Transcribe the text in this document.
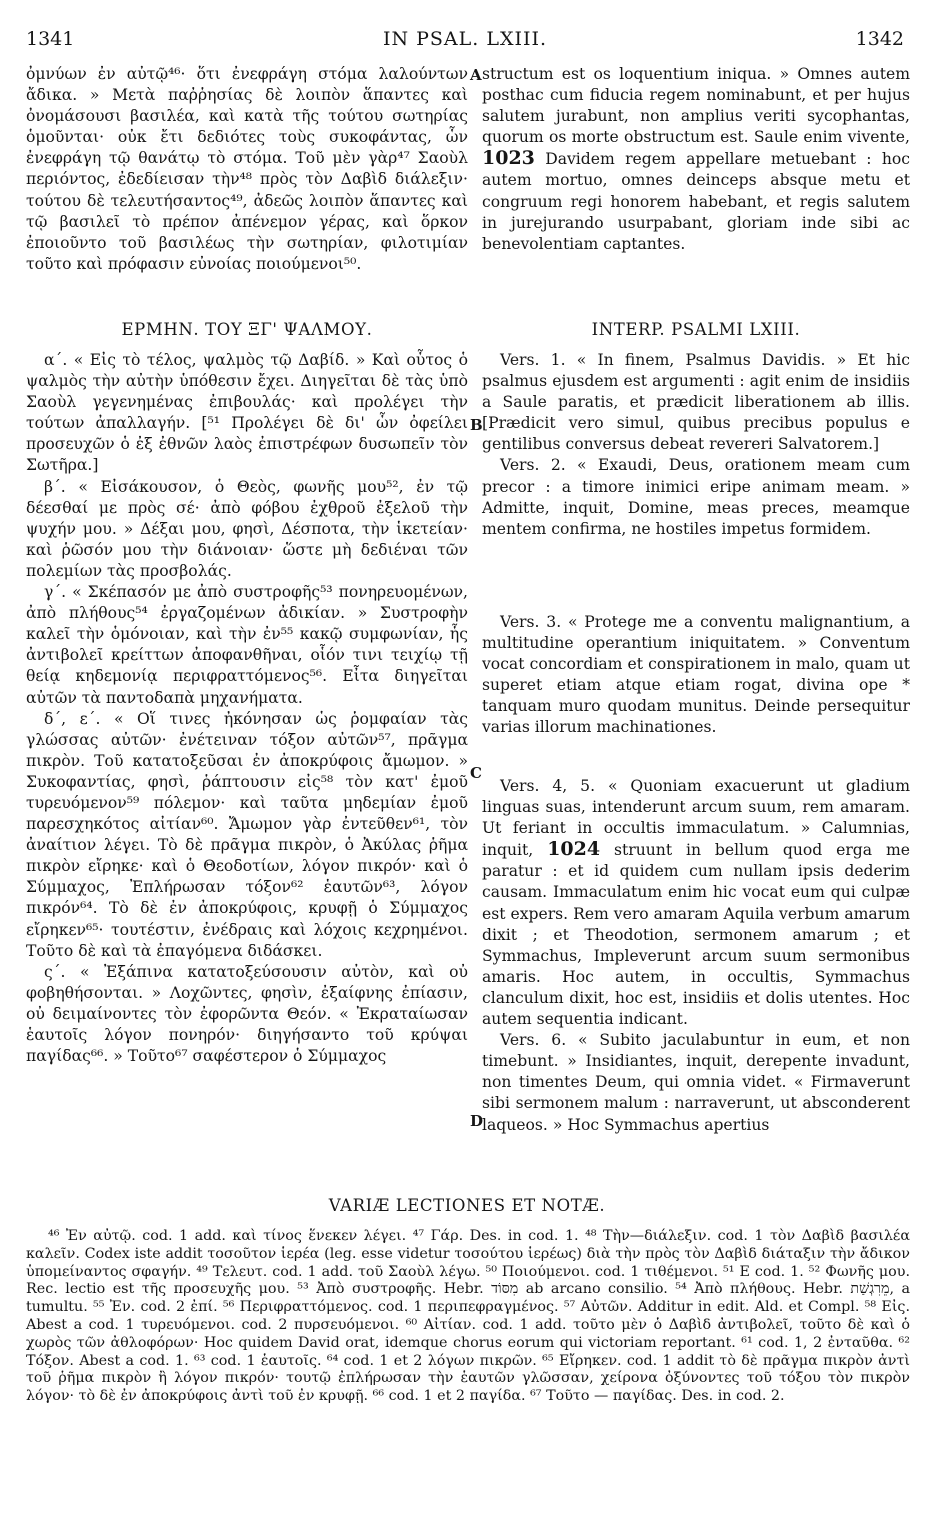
1341	IN PSAL. LXIII.	1342
A
B
C
D

ὀμνύων ἐν αὐτῷ⁴⁶· ὅτι ἐνεφράγη στόμα λαλούντων ἄδικα. » Μετὰ παῤῥησίας δὲ λοιπὸν ἅπαντες καὶ ὀνομάσουσι βασιλέα, καὶ κατὰ τῆς τούτου σωτηρίας ὁμοῦνται· οὐκ ἔτι δεδιότες τοὺς συκοφάντας, ὧν ἐνεφράγη τῷ θανάτῳ τὸ στόμα. Τοῦ μὲν γὰρ⁴⁷ Σαοὺλ περιόντος, ἐδεδίεισαν τὴν⁴⁸ πρὸς τὸν Δαβὶδ διάλεξιν· τούτου δὲ τελευτήσαντος⁴⁹, ἀδεῶς λοιπὸν ἅπαντες καὶ τῷ βασιλεῖ τὸ πρέπον ἀπένεμον γέρας, καὶ ὅρκον ἐποιοῦντο τοῦ βασιλέως τὴν σωτηρίαν, φιλοτιμίαν τοῦτο καὶ πρόφασιν εὐνοίας ποιούμενοι⁵⁰.

structum est os loquentium iniqua. » Omnes autem posthac cum fiducia regem nominabunt, et per hujus salutem jurabunt, non amplius veriti sycophantas, quorum os morte obstructum est. Saule enim vivente, 1023 Davidem regem appellare metuebant : hoc autem mortuo, omnes deinceps absque metu et congruum regi honorem habebant, et regis salutem in jurejurando usurpabant, gloriam inde sibi ac benevolentiam captantes.

ΕΡΜΗΝ. ΤΟΥ ΞΓ' ΨΑΛΜΟΥ.	INTERP. PSALMI LXIII.

α΄. « Εἰς τὸ τέλος, ψαλμὸς τῷ Δαβίδ. » Καὶ οὗτος ὁ ψαλμὸς τὴν αὐτὴν ὑπόθεσιν ἔχει. Διηγεῖται δὲ τὰς ὑπὸ Σαοὺλ γεγενημένας ἐπιβουλάς· καὶ προλέγει τὴν τούτων ἀπαλλαγήν. [⁵¹ Προλέγει δὲ δι' ὧν ὀφείλει προσευχῶν ὁ ἐξ ἐθνῶν λαὸς ἐπιστρέφων δυσωπεῖν τὸν Σωτῆρα.]

β΄. « Εἰσάκουσον, ὁ Θεὸς, φωνῆς μου⁵², ἐν τῷ δέεσθαί με πρὸς σέ· ἀπὸ φόβου ἐχθροῦ ἐξελοῦ τὴν ψυχήν μου. » Δέξαι μου, φησὶ, Δέσποτα, τὴν ἱκετείαν· καὶ ῥῶσόν μου τὴν διάνοιαν· ὥστε μὴ δεδιέναι τῶν πολεμίων τὰς προσβολάς.

γ΄. « Σκέπασόν με ἀπὸ συστροφῆς⁵³ πονηρευομένων, ἀπὸ πλήθους⁵⁴ ἐργαζομένων ἀδικίαν. » Συστροφὴν καλεῖ τὴν ὁμόνοιαν, καὶ τὴν ἐν⁵⁵ κακῷ συμφωνίαν, ἧς ἀντιβολεῖ κρείττων ἀποφανθῆναι, οἷόν τινι τειχίῳ τῇ θείᾳ κηδεμονίᾳ περιφραττόμενος⁵⁶. Εἶτα διηγεῖται αὐτῶν τὰ παντοδαπὰ μηχανήματα.

δ΄, ε΄. « Οἵ τινες ἠκόνησαν ὡς ῥομφαίαν τὰς γλώσσας αὐτῶν· ἐνέτειναν τόξον αὐτῶν⁵⁷, πρᾶγμα πικρὸν. Τοῦ κατατοξεῦσαι ἐν ἀποκρύφοις ἄμωμον. » Συκοφαντίας, φησὶ, ῥάπτουσιν εἰς⁵⁸ τὸν κατ' ἐμοῦ τυρευόμενον⁵⁹ πόλεμον· καὶ ταῦτα μηδεμίαν ἐμοῦ παρεσχηκότος αἰτίαν⁶⁰. Ἄμωμον γὰρ ἐντεῦθεν⁶¹, τὸν ἀναίτιον λέγει. Τὸ δὲ πρᾶγμα πικρὸν, ὁ Ἀκύλας ῥῆμα πικρὸν εἴρηκε· καὶ ὁ Θεοδοτίων, λόγον πικρόν· καὶ ὁ Σύμμαχος, Ἐπλήρωσαν τόξον⁶² ἑαυτῶν⁶³, λόγον πικρόν⁶⁴. Τὸ δὲ ἐν ἀποκρύφοις, κρυφῇ ὁ Σύμμαχος εἴρηκεν⁶⁵· τουτέστιν, ἐνέδραις καὶ λόχοις κεχρημένοι. Τοῦτο δὲ καὶ τὰ ἐπαγόμενα διδάσκει.

ς΄. « Ἐξάπινα κατατοξεύσουσιν αὐτὸν, καὶ οὐ φοβηθήσονται. » Λοχῶντες, φησὶν, ἐξαίφνης ἐπίασιν, οὐ δειμαίνοντες τὸν ἐφορῶντα Θεόν. « Ἐκραταίωσαν ἑαυτοῖς λόγον πονηρόν· διηγήσαντο τοῦ κρύψαι παγίδας⁶⁶. » Τοῦτο⁶⁷ σαφέστερον ὁ Σύμμαχος

Vers. 1. « In finem, Psalmus Davidis. » Et hic psalmus ejusdem est argumenti : agit enim de insidiis a Saule paratis, et prædicit liberationem ab illis. [Prædicit vero simul, quibus precibus populus e gentilibus conversus debeat revereri Salvatorem.]

Vers. 2. « Exaudi, Deus, orationem meam cum precor : a timore inimici eripe animam meam. » Admitte, inquit, Domine, meas preces, meamque mentem confirma, ne hostiles impetus formidem.

Vers. 3. « Protege me a conventu malignantium, a multitudine operantium iniquitatem. » Conventum vocat concordiam et conspirationem in malo, quam ut superet etiam atque etiam rogat, divina ope * tanquam muro quodam munitus. Deinde persequitur varias illorum machinationes.

Vers. 4, 5. « Quoniam exacuerunt ut gladium linguas suas, intenderunt arcum suum, rem amaram. Ut feriant in occultis immaculatum. » Calumnias, inquit, 1024 struunt in bellum quod erga me paratur : et id quidem cum nullam ipsis dederim causam. Immaculatum enim hic vocat eum qui culpæ est expers. Rem vero amaram Aquila verbum amarum dixit ; et Theodotion, sermonem amarum ; et Symmachus, Impleverunt arcum suum sermonibus amaris. Hoc autem, in occultis, Symmachus clanculum dixit, hoc est, insidiis et dolis utentes. Hoc autem sequentia indicant.

Vers. 6. « Subito jaculabuntur in eum, et non timebunt. » Insidiantes, inquit, derepente invadunt, non timentes Deum, qui omnia videt. « Firmaverunt sibi sermonem malum : narraverunt, ut absconderent laqueos. » Hoc Symmachus apertius

VARIÆ LECTIONES ET NOTÆ.

⁴⁶ Ἐν αὐτῷ. cod. 1 add. καὶ τίνος ἕνεκεν λέγει. ⁴⁷ Γάρ. Des. in cod. 1. ⁴⁸ Τὴν—διάλεξιν. cod. 1 τὸν Δαβὶδ βασιλέα καλεῖν. Codex iste addit τοσοῦτον ἱερέα (leg. esse videtur τοσούτου ἱερέως) διὰ τὴν πρὸς τὸν Δαβὶδ διάταξιν τὴν ἄδικον ὑπομείναντος σφαγήν. ⁴⁹ Τελευτ. cod. 1 add. τοῦ Σαοὺλ λέγω. ⁵⁰ Ποιούμενοι. cod. 1 τιθέμενοι. ⁵¹ E cod. 1. ⁵² Φωνῆς μου. Rec. lectio est τῆς προσευχῆς μου. ⁵³ Ἀπὸ συστροφῆς. Hebr. מִסּוֹד ab arcano consilio. ⁵⁴ Ἀπὸ πλήθους. Hebr. מֵרִגְשַׁת, a tumultu. ⁵⁵ Ἐν. cod. 2 ἐπί. ⁵⁶ Περιφραττόμενος. cod. 1 περιπεφραγμένος. ⁵⁷ Αὐτῶν. Additur in edit. Ald. et Compl. ⁵⁸ Εἰς. Abest a cod. 1 τυρευόμενοι. cod. 2 πυρσευόμενοι. ⁶⁰ Αἰτίαν. cod. 1 add. τοῦτο μὲν ὁ Δαβὶδ ἀντιβολεῖ, τοῦτο δὲ καὶ ὁ χωρὸς τῶν ἀθλοφόρων· Hoc quidem David orat, idemque chorus eorum qui victoriam reportant. ⁶¹ cod. 1, 2 ἐνταῦθα. ⁶² Τόξον. Abest a cod. 1. ⁶³ cod. 1 ἑαυτοῖς. ⁶⁴ cod. 1 et 2 λόγων πικρῶν. ⁶⁵ Εἴρηκεν. cod. 1 addit τὸ δὲ πρᾶγμα πικρὸν ἀντὶ τοῦ ῥῆμα πικρὸν ἢ λόγον πικρόν· τουτῷ ἐπλήρωσαν τὴν ἑαυτῶν γλῶσσαν, χείρονα ὀξύνοντες τοῦ τόξου τὸν πικρὸν λόγον· τὸ δὲ ἐν ἀποκρύφοις ἀντὶ τοῦ ἐν κρυφῇ. ⁶⁶ cod. 1 et 2 παγίδα. ⁶⁷ Τοῦτο — παγίδας. Des. in cod. 2.
